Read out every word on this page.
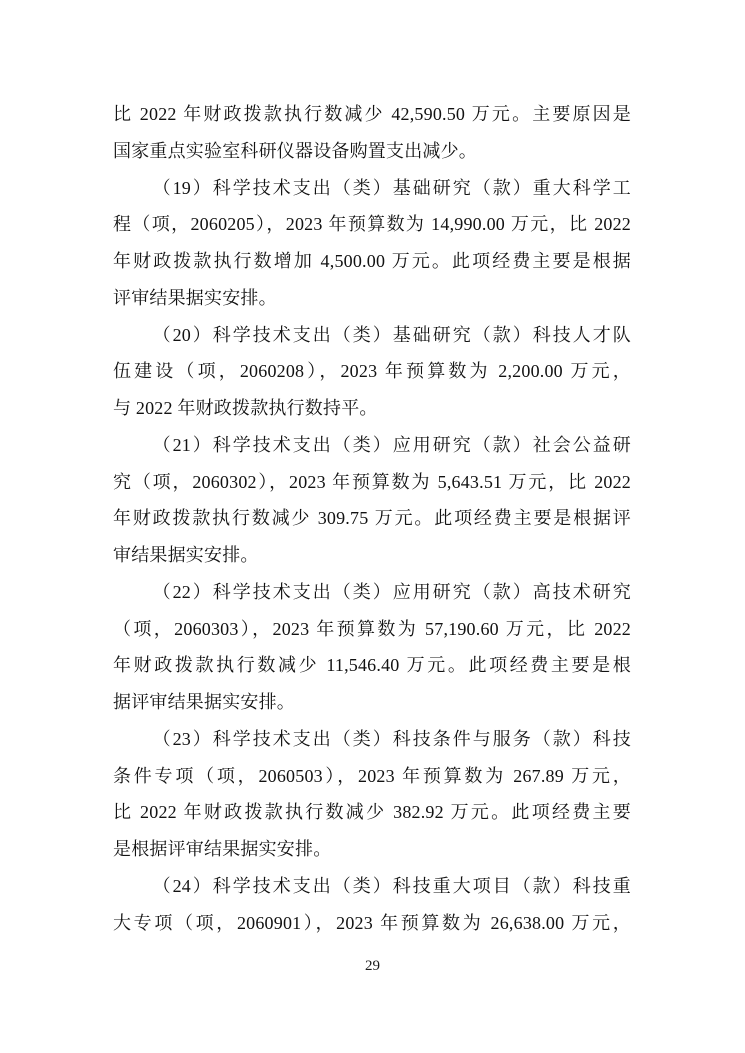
比 2022 年财政拨款执行数减少 42,590.50 万元。主要原因是
国家重点实验室科研仪器设备购置支出减少。
（19）科学技术支出（类）基础研究（款）重大科学工
程（项，2060205），2023 年预算数为 14,990.00 万元，比 2022
年财政拨款执行数增加 4,500.00 万元。此项经费主要是根据
评审结果据实安排。
（20）科学技术支出（类）基础研究（款）科技人才队
伍建设（项，2060208），2023 年预算数为 2,200.00 万元，
与 2022 年财政拨款执行数持平。
（21）科学技术支出（类）应用研究（款）社会公益研
究（项，2060302），2023 年预算数为 5,643.51 万元，比 2022
年财政拨款执行数减少 309.75 万元。此项经费主要是根据评
审结果据实安排。
（22）科学技术支出（类）应用研究（款）高技术研究
（项，2060303），2023 年预算数为 57,190.60 万元，比 2022
年财政拨款执行数减少 11,546.40 万元。此项经费主要是根
据评审结果据实安排。
（23）科学技术支出（类）科技条件与服务（款）科技
条件专项（项，2060503），2023 年预算数为 267.89 万元，
比 2022 年财政拨款执行数减少 382.92 万元。此项经费主要
是根据评审结果据实安排。
（24）科学技术支出（类）科技重大项目（款）科技重
大专项（项，2060901），2023 年预算数为 26,638.00 万元，
29
